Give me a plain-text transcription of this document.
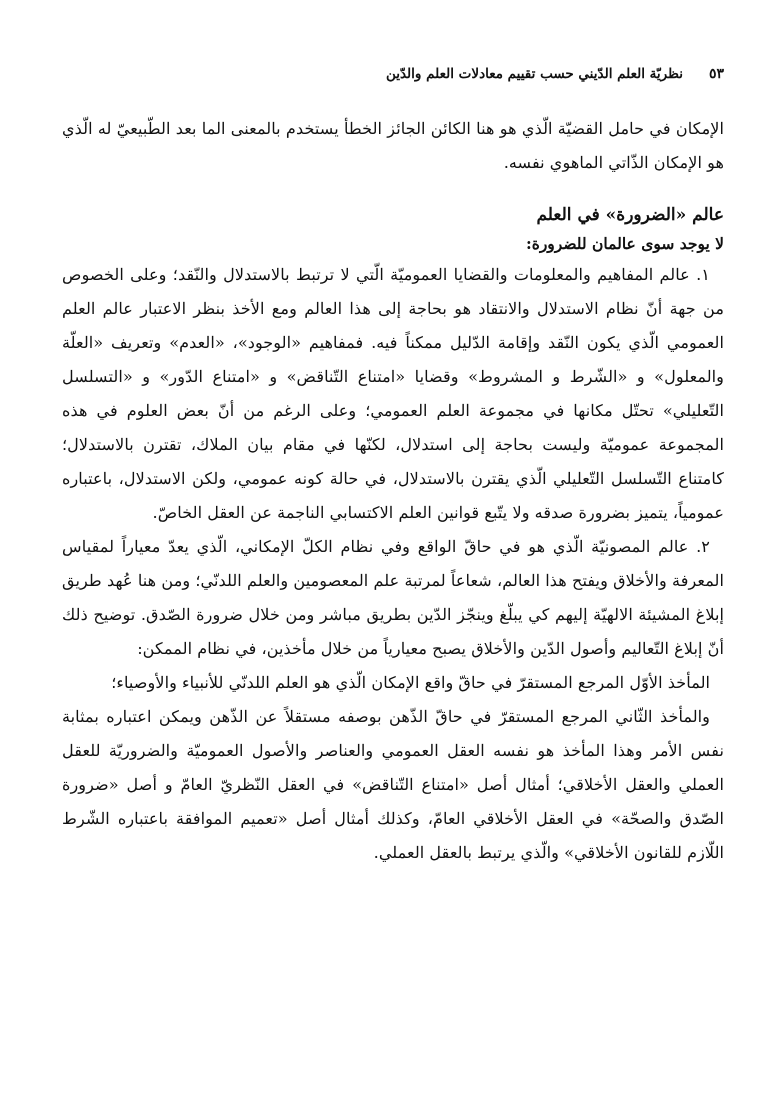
٥٣
نظريّة العلم الدّيني حسب تقييم معادلات العلم والدّين

الإمكان في حامل القضيّة الّذي هو هنا الكائن الجائز الخطأ يستخدم بالمعنى الما بعد الطّبيعيّ له الّذي هو الإمكان الذّاتي الماهوي نفسه.

عالم «الضرورة» في العلم
لا يوجد سوى عالمان للضرورة:

١. عالم المفاهيم والمعلومات والقضايا العموميّة الّتي لا ترتبط بالاستدلال والنّقد؛ وعلى الخصوص من جهة أنّ نظام الاستدلال والانتقاد هو بحاجة إلى هذا العالم ومع الأخذ بنظر الاعتبار عالم العلم العمومي الّذي يكون النّقد وإقامة الدّليل ممكناً فيه. فمفاهيم «الوجود»، «العدم» وتعريف «العلّة والمعلول» و «الشّرط و المشروط» وقضايا «امتناع التّناقض» و «امتناع الدّور» و «التسلسل التّعليلي» تحتّل مكانها في مجموعة العلم العمومي؛ وعلى الرغم من أنّ بعض العلوم في هذه المجموعة عموميّة وليست بحاجة إلى استدلال، لكنّها في مقام بيان الملاك، تقترن بالاستدلال؛ كامتناع التّسلسل التّعليلي الّذي يقترن بالاستدلال، في حالة كونه عمومي، ولكن الاستدلال، باعتباره عمومياً، يتميز بضرورة صدقه ولا يتّبع قوانين العلم الاكتسابي الناجمة عن العقل الخاصّ.

٢. عالم المصونيّة الّذي هو في حاقّ الواقع وفي نظام الكلّ الإمكاني، الّذي يعدّ معياراً لمقياس المعرفة والأخلاق ويفتح هذا العالم، شعاعاً لمرتبة علم المعصومين والعلم اللدنّي؛ ومن هنا عُهد طريق إبلاغ المشيئة الالهيّة إليهم كي يبلّغ وينجّز الدّين بطريق مباشر ومن خلال ضرورة الصّدق. توضيح ذلك أنّ إبلاغ التّعاليم وأصول الدّين والأخلاق يصبح معيارياً من خلال مأخذين، في نظام الممكن:

المأخذ الأوّل المرجع المستقرّ في حاقّ واقع الإمكان الّذي هو العلم اللدنّي للأنبياء والأوصياء؛

والمأخذ الثّاني المرجع المستقرّ في حاقّ الذّهن بوصفه مستقلاً عن الذّهن ويمكن اعتباره بمثابة نفس الأمر وهذا المأخذ هو نفسه العقل العمومي والعناصر والأصول العموميّة والضروريّة للعقل العملي والعقل الأخلاقي؛ أمثال أصل «امتناع التّناقض» في العقل النّظريّ العامّ و أصل «ضرورة الصّدق والصحّة» في العقل الأخلاقي العامّ، وكذلك أمثال أصل «تعميم الموافقة باعتباره الشّرط اللّازم للقانون الأخلاقي» والّذي يرتبط بالعقل العملي.
